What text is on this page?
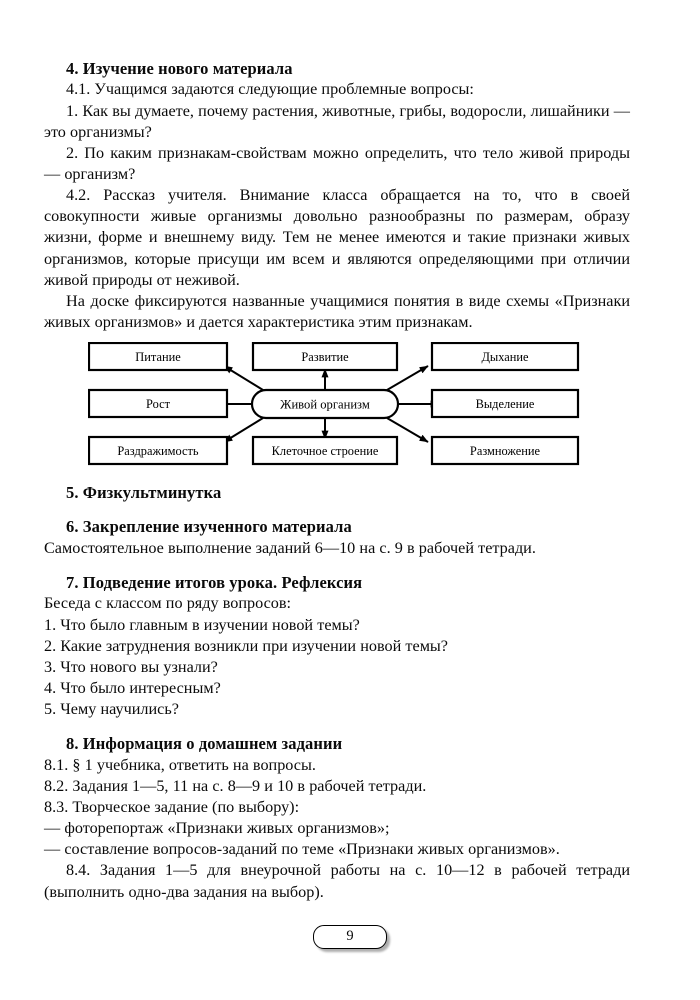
4. Изучение нового материала

4.1. Учащимся задаются следующие проблемные вопросы:

1. Как вы думаете, почему растения, животные, грибы, водоросли, лишайники — это организмы?

2. По каким признакам-свойствам можно определить, что тело живой природы — организм?

4.2. Рассказ учителя. Внимание класса обращается на то, что в своей совокупности живые организмы довольно разнообразны по размерам, образу жизни, форме и внешнему виду. Тем не менее имеются и такие признаки живых организмов, которые присущи им всем и являются определяющими при отличии живой природы от неживой.

На доске фиксируются названные учащимися понятия в виде схемы «Признаки живых организмов» и дается характеристика этим признакам.

Питание	Развитие	Дыхание
Рост	Выделение
Раздражимость	Клеточное строение	Размножение
Живой организм
5. Физкультминутка
6. Закрепление изученного материала

Самостоятельное выполнение заданий 6—10 на с. 9 в рабочей тетради.

7. Подведение итогов урока. Рефлексия

Беседа с классом по ряду вопросов:

1. Что было главным в изучении новой темы?

2. Какие затруднения возникли при изучении новой темы?

3. Что нового вы узнали?

4. Что было интересным?

5. Чему научились?

8. Информация о домашнем задании

8.1. § 1 учебника, ответить на вопросы.

8.2. Задания 1—5, 11 на с. 8—9 и 10 в рабочей тетради.

8.3. Творческое задание (по выбору):

— фоторепортаж «Признаки живых организмов»;

— составление вопросов-заданий по теме «Признаки живых организмов».

8.4. Задания 1—5 для внеурочной работы на с. 10—12 в рабочей тетради (выполнить одно-два задания на выбор).

9
